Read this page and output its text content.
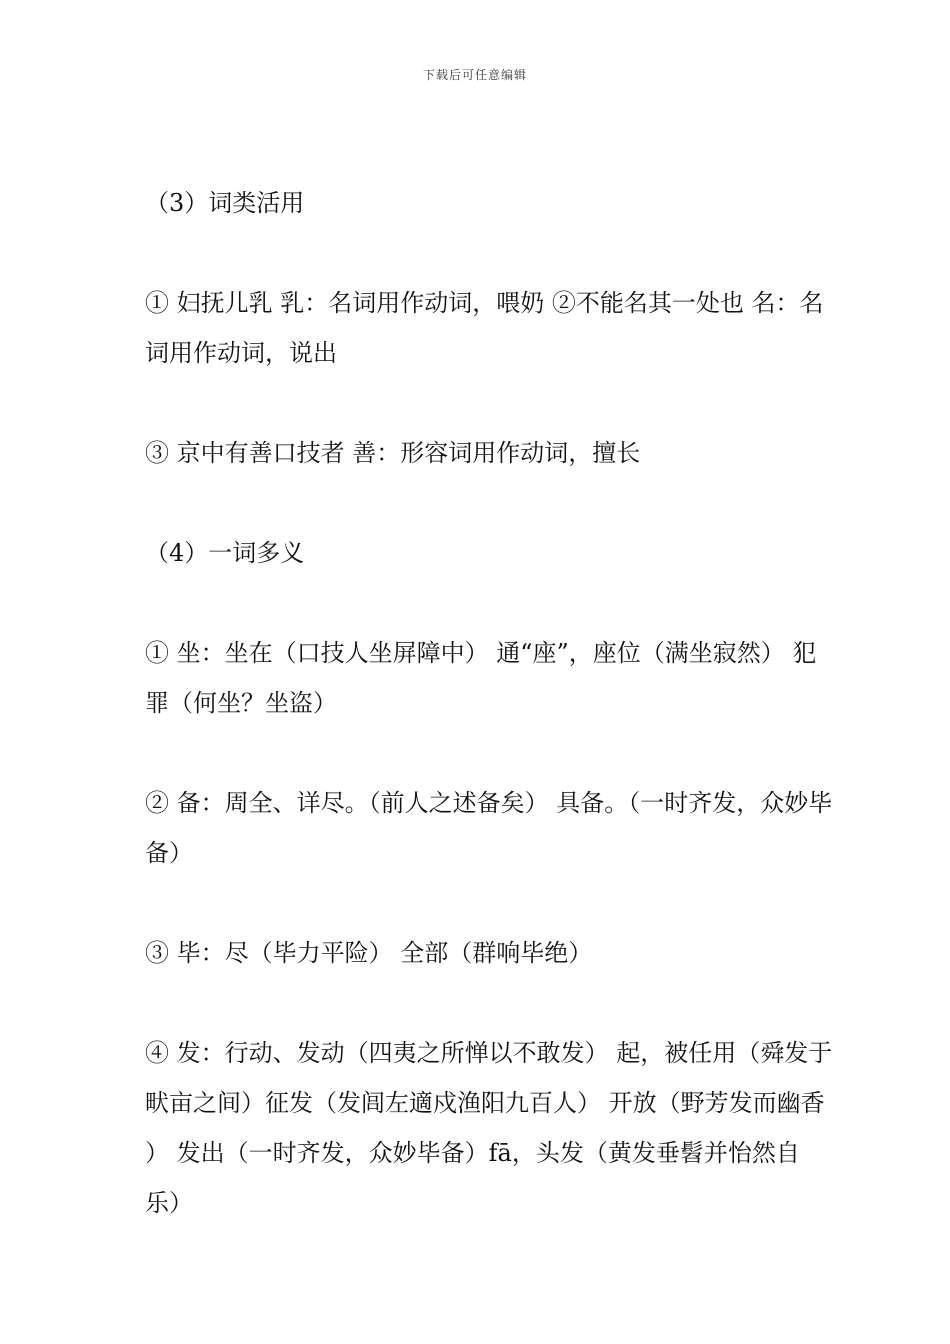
下载后可任意编辑

（3）词类活用

① 妇抚儿乳 乳：名词用作动词，喂奶 ②不能名其一处也 名：名词用作动词，说出

③ 京中有善口技者 善：形容词用作动词，擅长

（4）一词多义

① 坐：坐在（口技人坐屏障中） 通“座”，座位（满坐寂然） 犯罪（何坐？坐盗）

② 备：周全、详尽。（前人之述备矣） 具备。（一时齐发，众妙毕备）

③ 毕：尽（毕力平险） 全部（群响毕绝）

④ 发：行动、发动（四夷之所惮以不敢发） 起，被任用（舜发于畎亩之间）征发（发闾左適戍渔阳九百人） 开放（野芳发而幽香 ） 发出（一时齐发，众妙毕备）fā，头发（黄发垂髫并怡然自乐）
